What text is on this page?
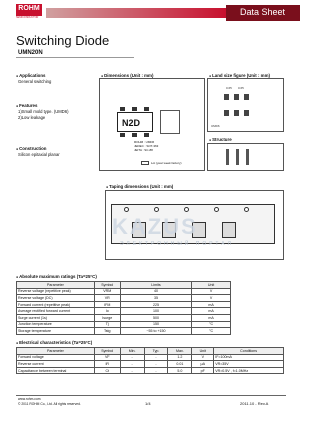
ROHM
SEMICONDUCTOR
Data Sheet
Switching Diode
UMN20N
● Applications
General switching
● Features
1)Small mold type. (UMD6)
2)Low leakage
● Construction
Silicon epitaxial planar
● Dimensions (Unit : mm)
N2D
ROHM : UMD6
JEDEC : SOT-363
JEITA : SC-88
Lot (year week factory)
● Land size figure (Unit : mm)
0.65 0.65
UMD6
● Structure
● Taping dimensions (Unit : mm)
KAZUS
ЭЛЕКТРОННЫЙ ПОРТАЛ
● Absolute maximum ratings (Ta=25°C)
Parameter	Symbol	Limits	Unit
Reverse voltage (repetitive peak)	VRM	40	V
Reverse voltage (DC)	VR	35	V
Forward current (repetitive peak)	IFM	225	mA
Average rectified forward current	Io	100	mA
Surge current (1s)	Isurge	500	mA
Junction temperature	Tj	150	°C
Storage temperature	Tstg	−55 to +150	°C
● Electrical characteristics (Ta=25°C)
Parameter	Symbol	Min.	Typ.	Max.	Unit	Conditions
Forward voltage	VF	-	-	1.2	V	IF=100mA
Reverse current	IR	-	-	0.01	μA	VR=35V
Capacitance between terminal	Ct	-	-	5.0	pF	VR=0.5V , f=1.0MHz
www.rohm.com
© 2011 ROHM Co., Ltd. All rights reserved.	1/4	2011.10 - Rev.A
